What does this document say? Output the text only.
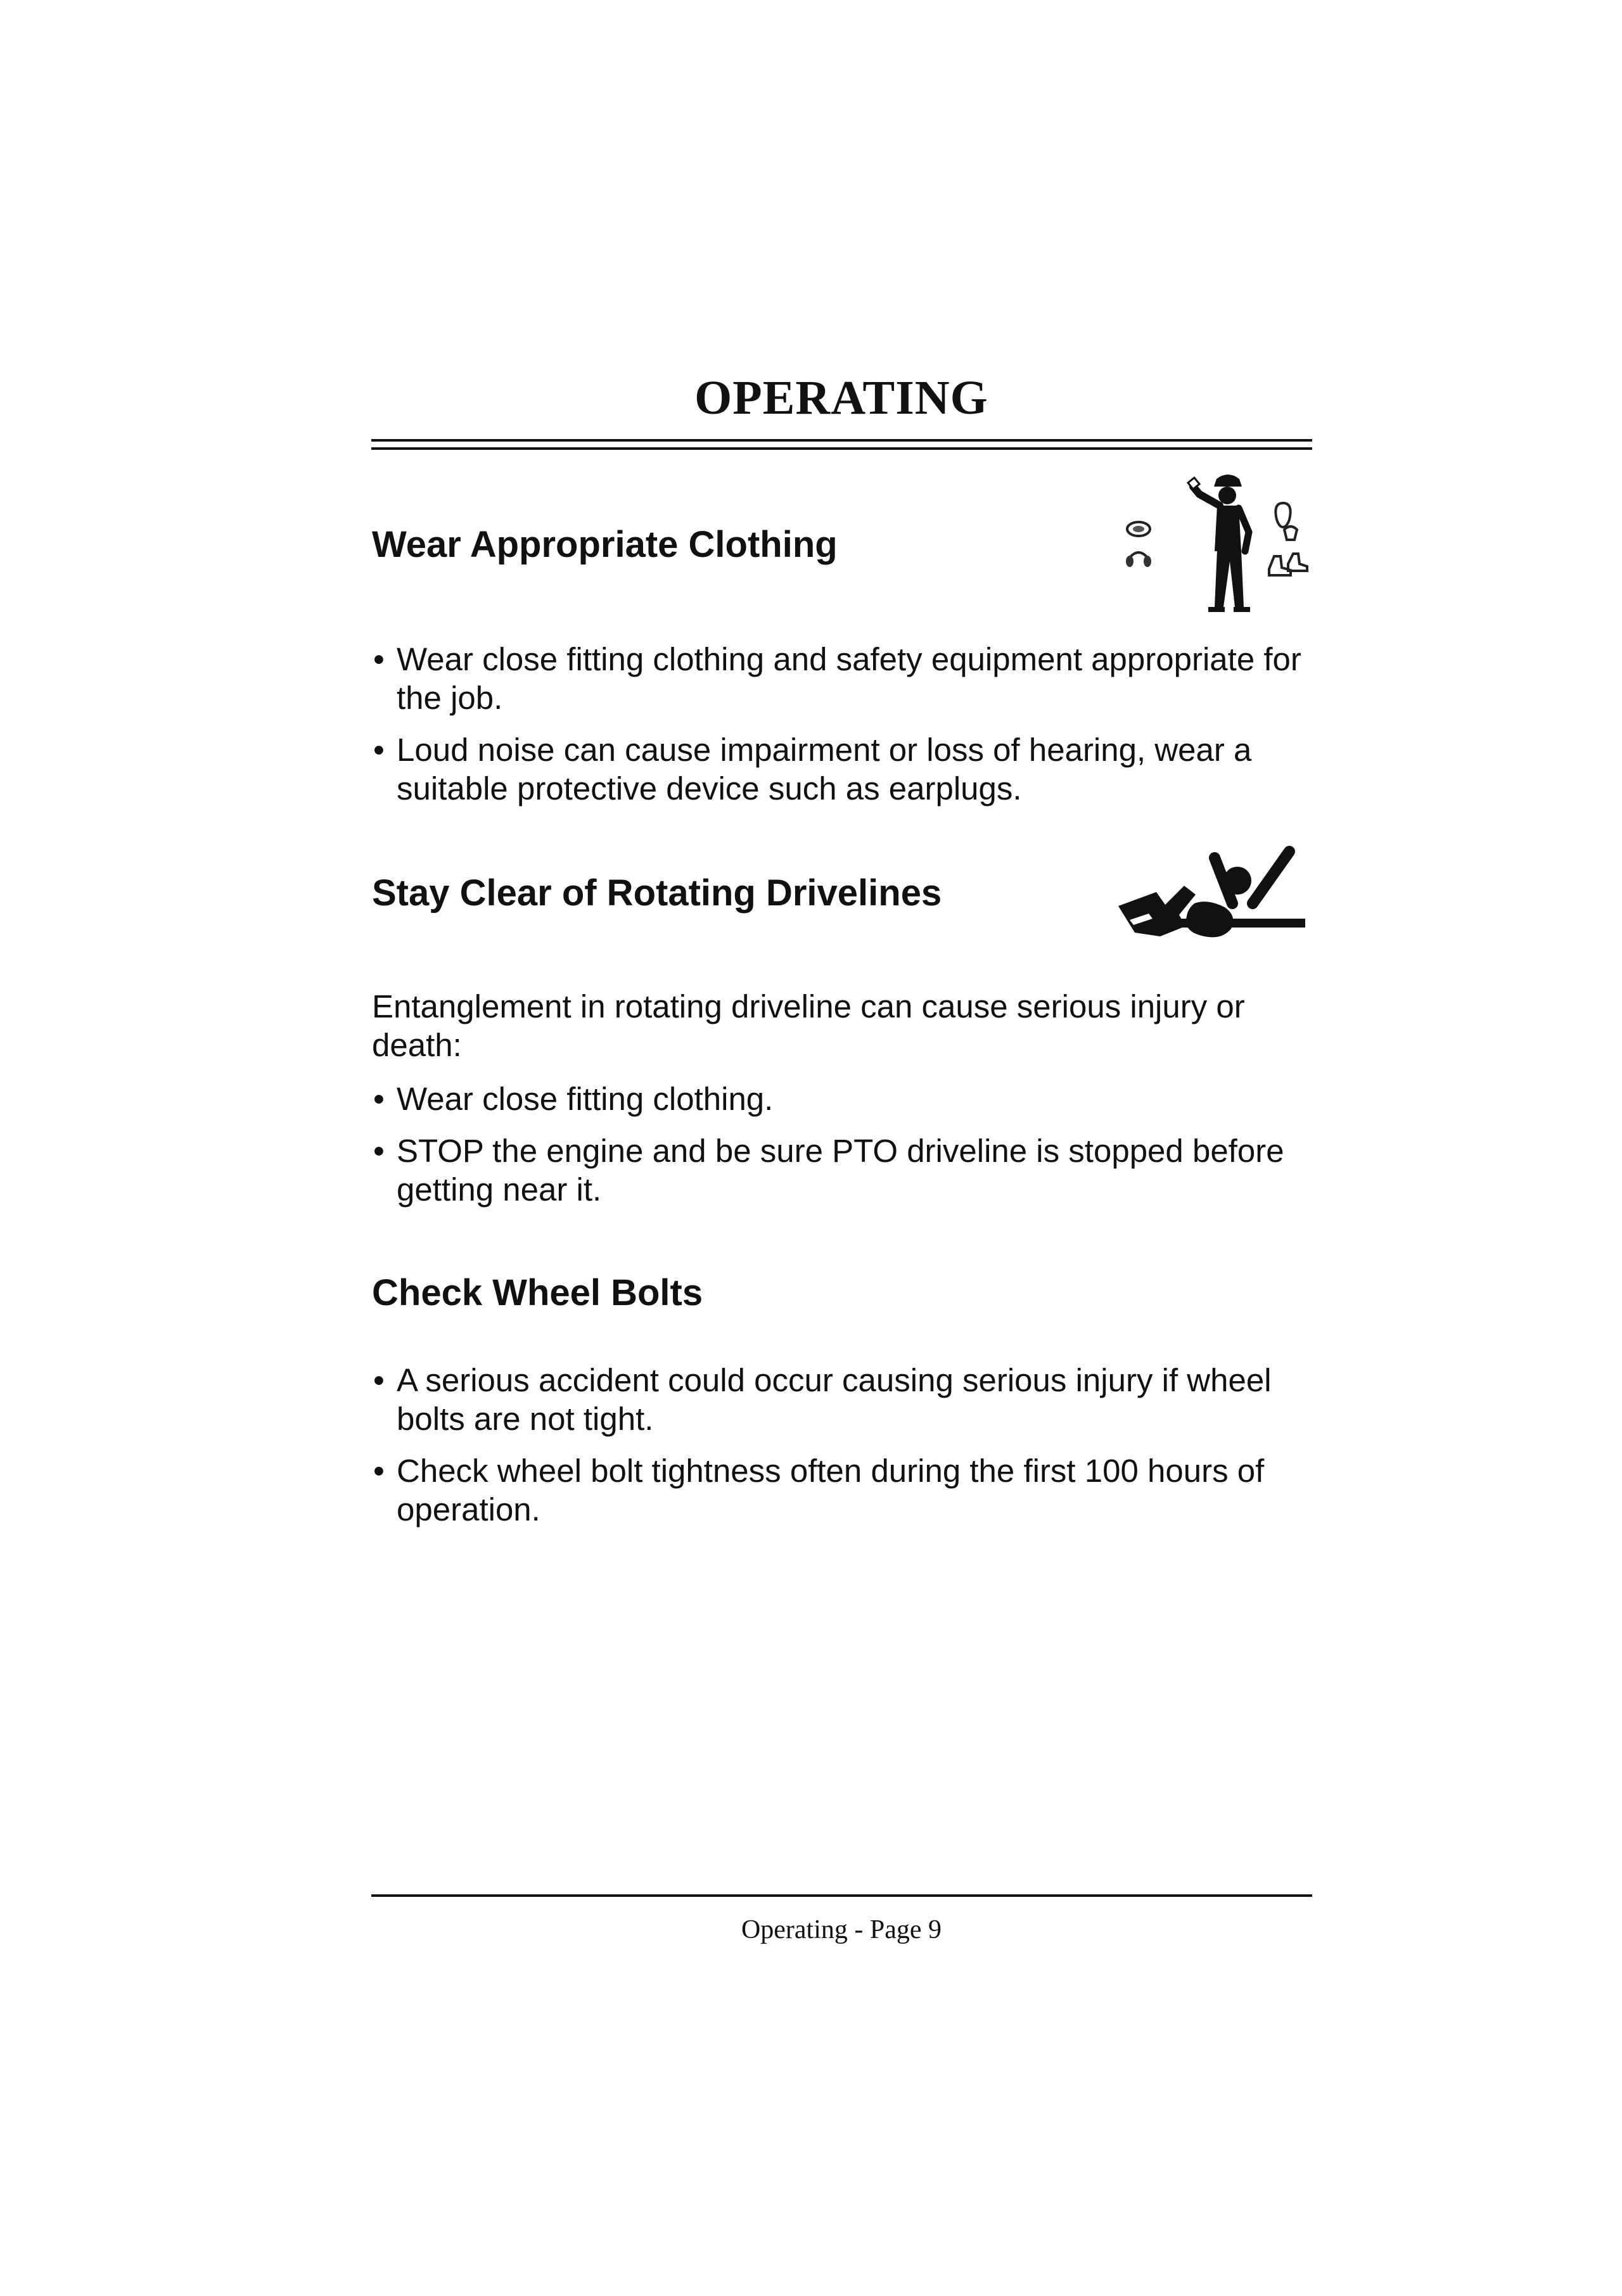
OPERATING
Wear Appropriate Clothing
• Wear close fitting clothing and safety equipment appropriate for the job.
• Loud noise can cause impairment or loss of hearing, wear a suitable protective device such as earplugs.
Stay Clear of Rotating Drivelines

Entanglement in rotating driveline can cause serious injury or death:

• Wear close fitting clothing.
• STOP the engine and be sure PTO driveline is stopped before getting near it.
Check Wheel Bolts
• A serious accident could occur causing serious injury if wheel bolts are not tight.
• Check wheel bolt tightness often during the first 100 hours of operation.

Operating - Page 9
